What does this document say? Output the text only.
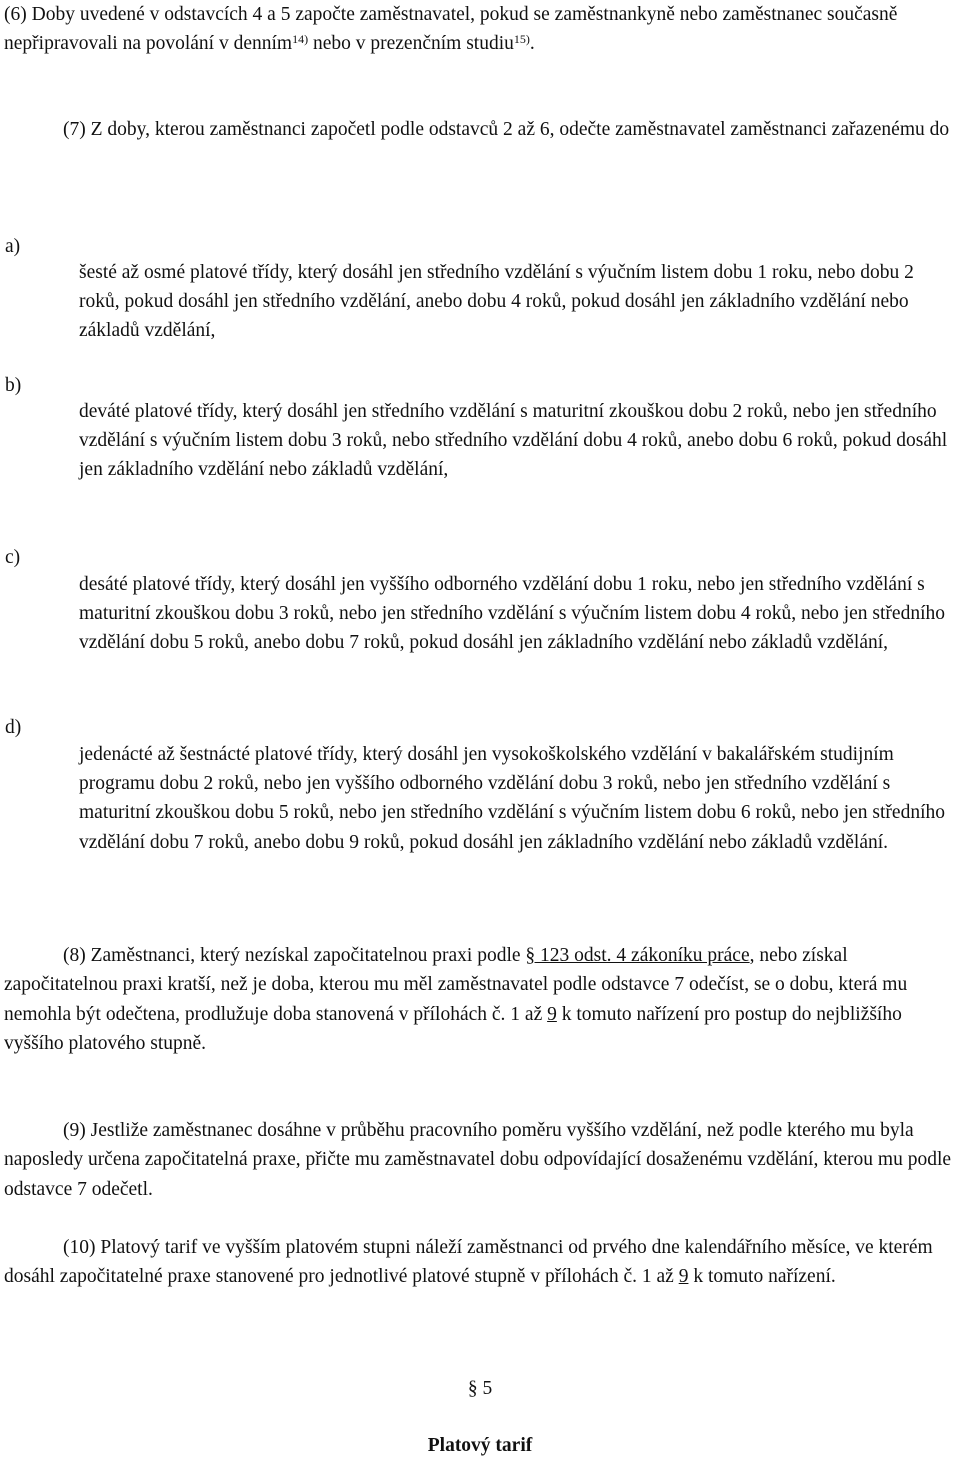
(6) Doby uvedené v odstavcích 4 a 5 započte zaměstnavatel, pokud se zaměstnankyně nebo zaměstnanec současně nepřipravovali na povolání v denním$^{14)}$ nebo v prezenčním studiu$^{15)}$.

(7) Z doby, kterou zaměstnanci započetl podle odstavců 2 až 6, odečte zaměstnavatel zaměstnanci zařazenému do

a)

šesté až osmé platové třídy, který dosáhl jen středního vzdělání s výučním listem dobu 1 roku, nebo dobu 2 roků, pokud dosáhl jen středního vzdělání, anebo dobu 4 roků, pokud dosáhl jen základního vzdělání nebo základů vzdělání,

b)

deváté platové třídy, který dosáhl jen středního vzdělání s maturitní zkouškou dobu 2 roků, nebo jen středního vzdělání s výučním listem dobu 3 roků, nebo středního vzdělání dobu 4 roků, anebo dobu 6 roků, pokud dosáhl jen základního vzdělání nebo základů vzdělání,

c)

desáté platové třídy, který dosáhl jen vyššího odborného vzdělání dobu 1 roku, nebo jen středního vzdělání s maturitní zkouškou dobu 3 roků, nebo jen středního vzdělání s výučním listem dobu 4 roků, nebo jen středního vzdělání dobu 5 roků, anebo dobu 7 roků, pokud dosáhl jen základního vzdělání nebo základů vzdělání,

d)

jedenácté až šestnácté platové třídy, který dosáhl jen vysokoškolského vzdělání v bakalářském studijním programu dobu 2 roků, nebo jen vyššího odborného vzdělání dobu 3 roků, nebo jen středního vzdělání s maturitní zkouškou dobu 5 roků, nebo jen středního vzdělání s výučním listem dobu 6 roků, nebo jen středního vzdělání dobu 7 roků, anebo dobu 9 roků, pokud dosáhl jen základního vzdělání nebo základů vzdělání.

(8) Zaměstnanci, který nezískal započitatelnou praxi podle § 123 odst. 4 zákoníku práce, nebo získal započitatelnou praxi kratší, než je doba, kterou mu měl zaměstnavatel podle odstavce 7 odečíst, se o dobu, která mu nemohla být odečtena, prodlužuje doba stanovená v přílohách č. 1 až 9 k tomuto nařízení pro postup do nejbližšího vyššího platového stupně.

(9) Jestliže zaměstnanec dosáhne v průběhu pracovního poměru vyššího vzdělání, než podle kterého mu byla naposledy určena započitatelná praxe, přičte mu zaměstnavatel dobu odpovídající dosaženému vzdělání, kterou mu podle odstavce 7 odečetl.

(10) Platový tarif ve vyšším platovém stupni náleží zaměstnanci od prvého dne kalendářního měsíce, ve kterém dosáhl započitatelné praxe stanovené pro jednotlivé platové stupně v přílohách č. 1 až 9 k tomuto nařízení.

§ 5
Platový tarif
